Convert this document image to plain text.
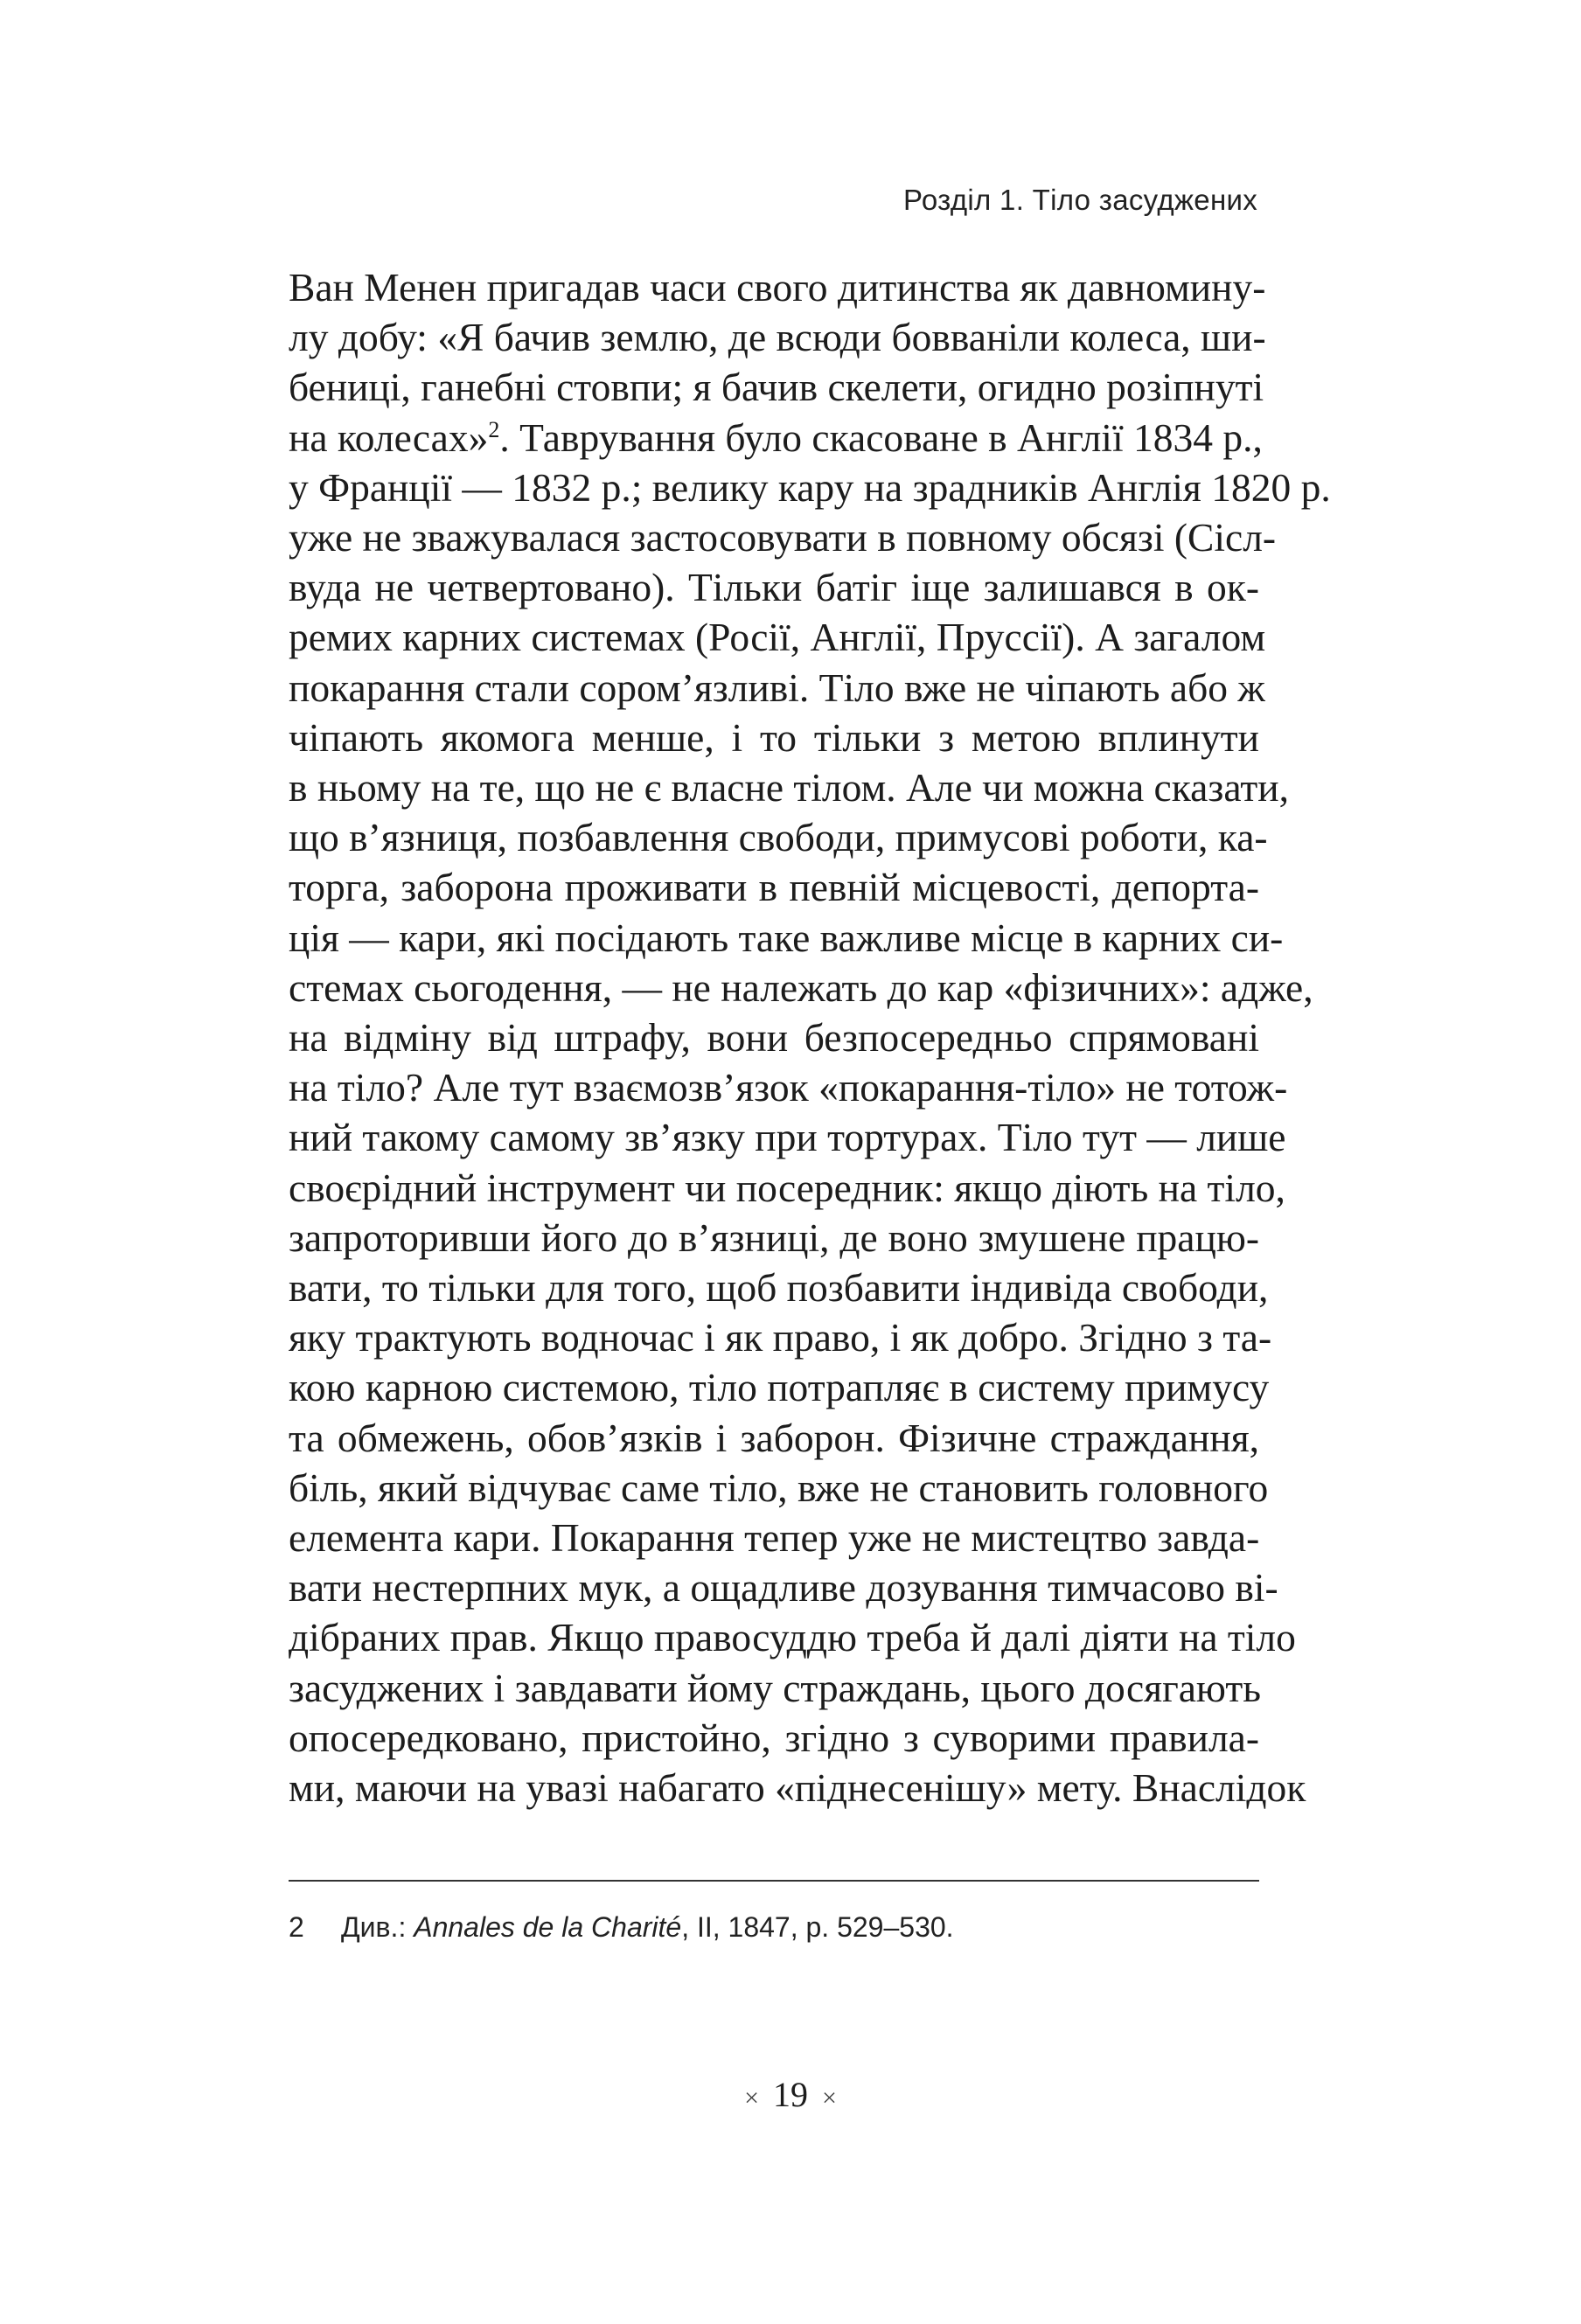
Розділ 1. Тіло засуджених
Ван Менен пригадав часи свого дитинства як давномину-
лу добу: «Я бачив землю, де всюди бовваніли колеса, ши-
бениці, ганебні стовпи; я бачив скелети, огидно розіпнуті
на колесах»$^2$. Таврування було скасоване в Англії 1834 р.,
у Франції — 1832 р.; велику кару на зрадників Англія 1820 р.
уже не зважувалася застосовувати в повному обсязі (Сісл-
вуда не четвертовано). Тільки батіг іще залишався в ок-
ремих карних системах (Росії, Англії, Пруссії). А загалом
покарання стали сором’язливі. Тіло вже не чіпають або ж
чіпають якомога менше, і то тільки з метою вплинути
в ньому на те, що не є власне тілом. Але чи можна сказати,
що в’язниця, позбавлення свободи, примусові роботи, ка-
торга, заборона проживати в певній місцевості, депорта-
ція — кари, які посідають таке важливе місце в карних си-
стемах сьогодення, — не належать до кар «фізичних»: адже,
на відміну від штрафу, вони безпосередньо спрямовані
на тіло? Але тут взаємозв’язок «покарання-тіло» не тотож-
ний такому самому зв’язку при тортурах. Тіло тут — лише
своєрідний інструмент чи посередник: якщо діють на тіло,
запроторивши його до в’язниці, де воно змушене працю-
вати, то тільки для того, щоб позбавити індивіда свободи,
яку трактують водночас і як право, і як добро. Згідно з та-
кою карною системою, тіло потрапляє в систему примусу
та обмежень, обов’язків і заборон. Фізичне страждання,
біль, який відчуває саме тіло, вже не становить головного
елемента кари. Покарання тепер уже не мистецтво завда-
вати нестерпних мук, а ощадливе дозування тимчасово ві-
дібраних прав. Якщо правосуддю треба й далі діяти на тіло
засуджених і завдавати йому страждань, цього досягають
опосередковано, пристойно, згідно з суворими правила-
ми, маючи на увазі набагато «піднесенішу» мету. Внаслідок
2 Див.: Annales de la Charité, II, 1847, p. 529–530.
× 19 ×
